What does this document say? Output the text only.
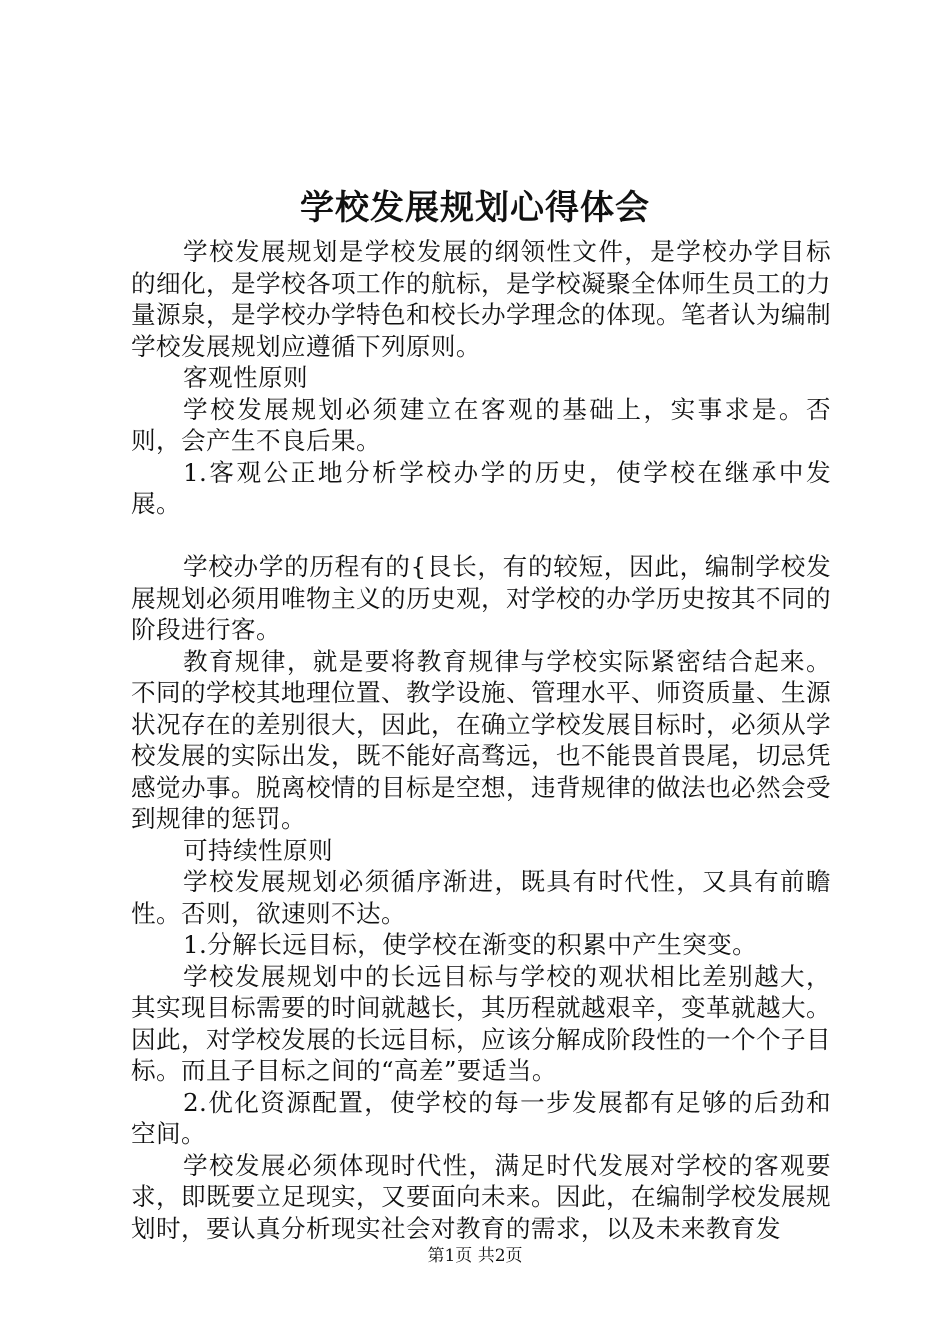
学校发展规划心得体会

学校发展规划是学校发展的纲领性文件，是学校办学目标的细化，是学校各项工作的航标，是学校凝聚全体师生员工的力量源泉，是学校办学特色和校长办学理念的体现。笔者认为编制学校发展规划应遵循下列原则。

客观性原则

学校发展规划必须建立在客观的基础上，实事求是。否则，会产生不良后果。

1.客观公正地分析学校办学的历史，使学校在继承中发展。

学校办学的历程有的{艮长，有的较短，因此，编制学校发展规划必须用唯物主义的历史观，对学校的办学历史按其不同的阶段进行客。

教育规律，就是要将教育规律与学校实际紧密结合起来。不同的学校其地理位置、教学设施、管理水平、师资质量、生源状况存在的差别很大，因此，在确立学校发展目标时，必须从学校发展的实际出发，既不能好高骛远，也不能畏首畏尾，切忌凭感觉办事。脱离校情的目标是空想，违背规律的做法也必然会受到规律的惩罚。

可持续性原则

学校发展规划必须循序渐进，既具有时代性，又具有前瞻性。否则，欲速则不达。

1.分解长远目标，使学校在渐变的积累中产生突变。

学校发展规划中的长远目标与学校的观状相比差别越大，其实现目标需要的时间就越长，其历程就越艰辛，变革就越大。因此，对学校发展的长远目标，应该分解成阶段性的一个个子目标。而且子目标之间的“高差”要适当。

2.优化资源配置，使学校的每一步发展都有足够的后劲和空间。

学校发展必须体现时代性，满足时代发展对学校的客观要求，即既要立足现实，又要面向未来。因此，在编制学校发展规划时，要认真分析现实社会对教育的需求，以及未来教育发

第1页 共2页
